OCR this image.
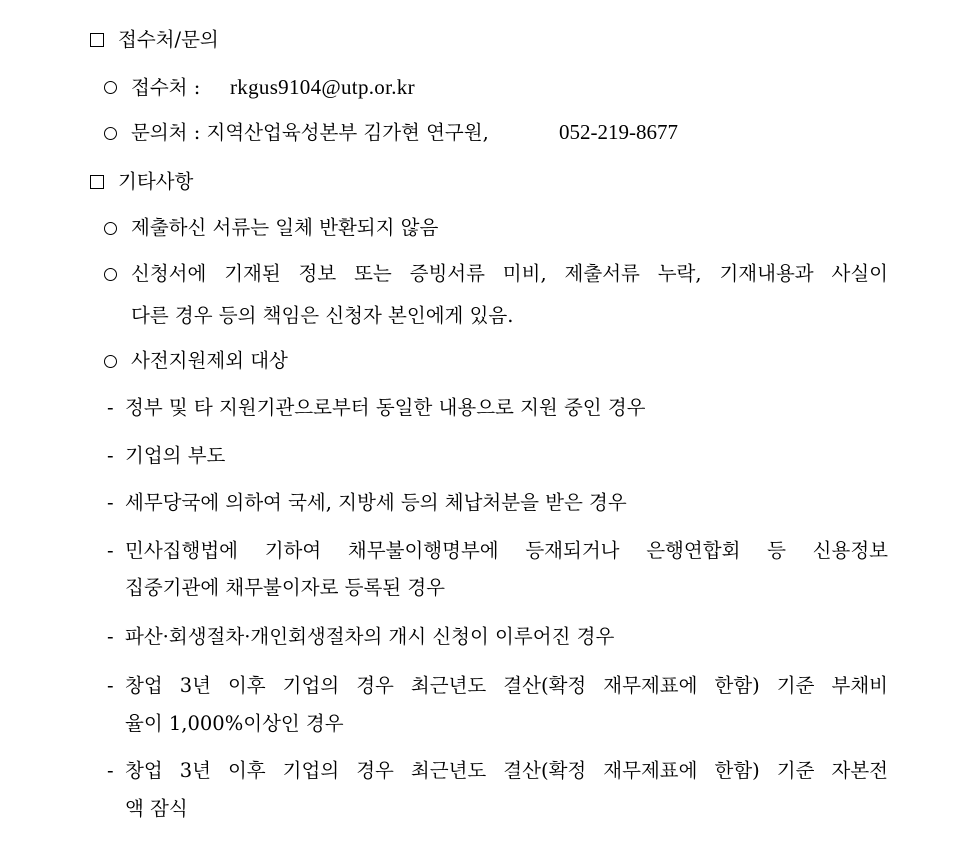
접수처/문의
접수처 : rkgus9104@utp.or.kr
문의처 : 지역산업육성본부 김가현 연구원,	052-219-8677
기타사항
제출하신 서류는 일체 반환되지 않음
신청서에 기재된 정보 또는 증빙서류 미비, 제출서류 누락, 기재내용과 사실이
다른 경우 등의 책임은 신청자 본인에게 있음.
사전지원제외 대상
- 정부 및 타 지원기관으로부터 동일한 내용으로 지원 중인 경우
- 기업의 부도
- 세무당국에 의하여 국세, 지방세 등의 체납처분을 받은 경우
- 민사집행법에 기하여 채무불이행명부에 등재되거나 은행연합회 등 신용정보
집중기관에 채무불이자로 등록된 경우
- 파산·회생절차·개인회생절차의 개시 신청이 이루어진 경우
- 창업 3년 이후 기업의 경우 최근년도 결산(확정 재무제표에 한함) 기준 부채비
율이 1,000%이상인 경우
- 창업 3년 이후 기업의 경우 최근년도 결산(확정 재무제표에 한함) 기준 자본전
액 잠식
